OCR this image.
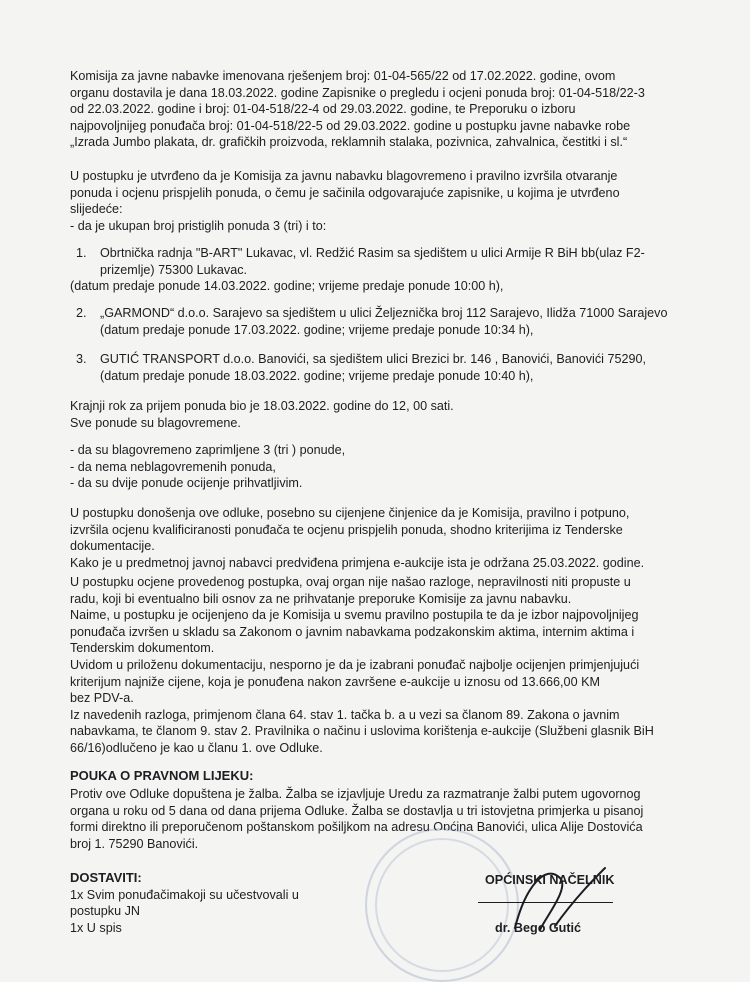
Komisija za javne nabavke imenovana rješenjem broj: 01-04-565/22 od 17.02.2022. godine, ovom

organu dostavila je dana 18.03.2022. godine Zapisnike o pregledu i ocjeni ponuda broj: 01-04-518/22-3

od 22.03.2022. godine i broj: 01-04-518/22-4 od 29.03.2022. godine, te Preporuku o izboru

najpovoljnijeg ponuđača broj: 01-04-518/22-5 od 29.03.2022. godine u postupku javne nabavke robe

„Izrada Jumbo plakata, dr. grafičkih proizvoda, reklamnih stalaka, pozivnica, zahvalnica, čestitki i sl.“

U postupku je utvrđeno da je Komisija za javnu nabavku blagovremeno i pravilno izvršila otvaranje

ponuda i ocjenu prispjelih ponuda, o čemu je sačinila odgovarajuće zapisnike, u kojima je utvrđeno

slijedeće:

- da je ukupan broj pristiglih ponuda 3 (tri) i to:

1. Obrtnička radnja "B-ART" Lukavac, vl. Redžić Rasim sa sjedištem u ulici Armije R BiH bb(ulaz F2-

prizemlje) 75300 Lukavac.

(datum predaje ponude 14.03.2022. godine; vrijeme predaje ponude 10:00 h),
2. „GARMOND“ d.o.o. Sarajevo sa sjedištem u ulici Željeznička broj 112 Sarajevo, Ilidža 71000 Sarajevo

(datum predaje ponude 17.03.2022. godine; vrijeme predaje ponude 10:34 h),

3. GUTIĆ TRANSPORT d.o.o. Banovići, sa sjedištem ulici Brezici br. 146 , Banovići, Banovići 75290,

(datum predaje ponude 18.03.2022. godine; vrijeme predaje ponude 10:40 h),

Krajnji rok za prijem ponuda bio je 18.03.2022. godine do 12, 00 sati.

Sve ponude su blagovremene.

- da su blagovremeno zaprimljene 3 (tri ) ponude,

- da nema neblagovremenih ponuda,

- da su dvije ponude ocijenje prihvatljivim.

U postupku donošenja ove odluke, posebno su cijenjene činjenice da je Komisija, pravilno i potpuno,

izvršila ocjenu kvalificiranosti ponuđača te ocjenu prispjelih ponuda, shodno kriterijima iz Tenderske

dokumentacije.

Kako je u predmetnoj javnoj nabavci predviđena primjena e-aukcije ista je održana 25.03.2022. godine.

U postupku ocjene provedenog postupka, ovaj organ nije našao razloge, nepravilnosti niti propuste u

radu, koji bi eventualno bili osnov za ne prihvatanje preporuke Komisije za javnu nabavku.

Naime, u postupku je ocijenjeno da je Komisija u svemu pravilno postupila te da je izbor najpovoljnijeg

ponuđača izvršen u skladu sa Zakonom o javnim nabavkama podzakonskim aktima, internim aktima i

Tenderskim dokumentom.

Uvidom u priloženu dokumentaciju, nesporno je da je izabrani ponuđač najbolje ocijenjen primjenjujući

kriterijum najniže cijene, koja je ponuđena nakon završene e-aukcije u iznosu od 13.666,00 KM

bez PDV-a.

Iz navedenih razloga, primjenom člana 64. stav 1. tačka b. a u vezi sa članom 89. Zakona o javnim

nabavkama, te članom 9. stav 2. Pravilnika o načinu i uslovima korištenja e-aukcije (Službeni glasnik BiH

66/16)odlučeno je kao u članu 1. ove Odluke.

POUKA O PRAVNOM LIJEKU:

Protiv ove Odluke dopuštena je žalba. Žalba se izjavljuje Uredu za razmatranje žalbi putem ugovornog

organa u roku od 5 dana od dana prijema Odluke. Žalba se dostavlja u tri istovjetna primjerka u pisanoj

formi direktno ili preporučenom poštanskom pošiljkom na adresu Općina Banovići, ulica Alije Dostovića

broj 1. 75290 Banovići.

DOSTAVITI:

1x Svim ponuđačimakoji su učestvovali u

postupku JN

1x U spis

OPĆINSKI NAČELNIK
dr. Bego Gutić
